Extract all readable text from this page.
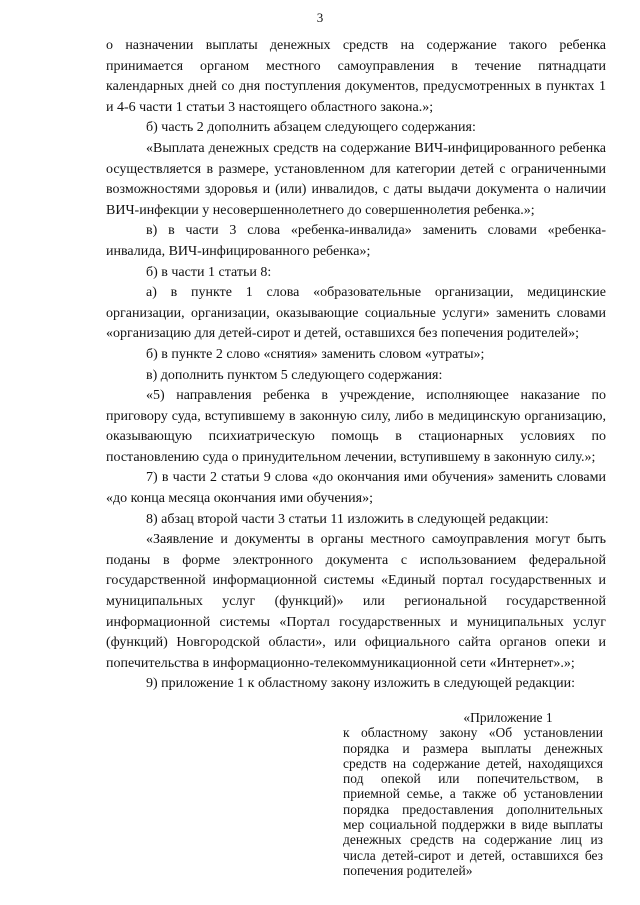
3

о назначении выплаты денежных средств на содержание такого ребенка принимается органом местного самоуправления в течение пятнадцати календарных дней со дня поступления документов, предусмотренных в пунктах 1 и 4-6 части 1 статьи 3 настоящего областного закона.»;

б) часть 2 дополнить абзацем следующего содержания:

«Выплата денежных средств на содержание ВИЧ-инфицированного ребенка осуществляется в размере, установленном для категории детей с ограниченными возможностями здоровья и (или) инвалидов, с даты выдачи документа о наличии ВИЧ-инфекции у несовершеннолетнего до совершеннолетия ребенка.»;

в) в части 3 слова «ребенка-инвалида» заменить словами «ребенка-инвалида, ВИЧ-инфицированного ребенка»;

б) в части 1 статьи 8:

а) в пункте 1 слова «образовательные организации, медицинские организации, организации, оказывающие социальные услуги» заменить словами «организацию для детей-сирот и детей, оставшихся без попечения родителей»;

б) в пункте 2 слово «снятия» заменить словом «утраты»;

в) дополнить пунктом 5 следующего содержания:

«5) направления ребенка в учреждение, исполняющее наказание по приговору суда, вступившему в законную силу, либо в медицинскую организацию, оказывающую психиатрическую помощь в стационарных условиях по постановлению суда о принудительном лечении, вступившему в законную силу.»;

7) в части 2 статьи 9 слова «до окончания ими обучения» заменить словами «до конца месяца окончания ими обучения»;

8) абзац второй части 3 статьи 11 изложить в следующей редакции:

«Заявление и документы в органы местного самоуправления могут быть поданы в форме электронного документа с использованием федеральной государственной информационной системы «Единый портал государственных и муниципальных услуг (функций)» или региональной государственной информационной системы «Портал государственных и муниципальных услуг (функций) Новгородской области», или официального сайта органов опеки и попечительства в информационно-телекоммуникационной сети «Интернет».»;

9) приложение 1 к областному закону изложить в следующей редакции:

«Приложение 1

к областному закону «Об установлении порядка и размера выплаты денежных средств на содержание детей, находящихся под опекой или попечительством, в приемной семье, а также об установлении порядка предоставления дополнительных мер социальной поддержки в виде выплаты денежных средств на содержание лиц из числа детей-сирот и детей, оставшихся без попечения родителей»
